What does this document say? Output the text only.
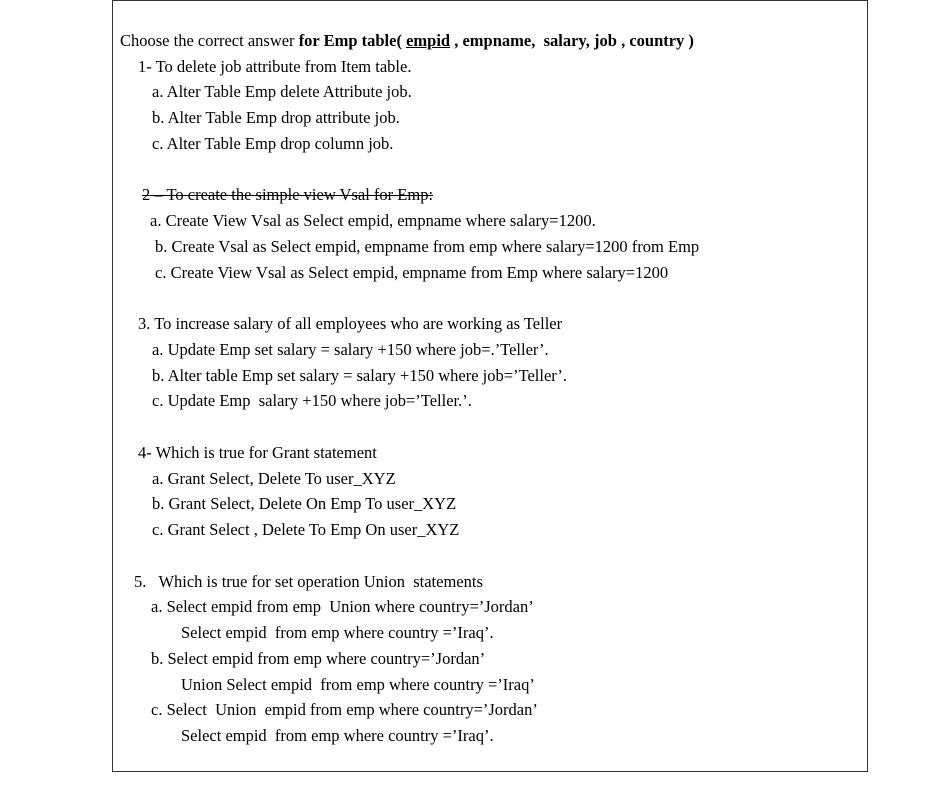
Choose the correct answer for Emp table( empid , empname,  salary, job , country )
1- To delete job attribute from Item table.
a. Alter Table Emp delete Attribute job.
b. Alter Table Emp drop attribute job.
c. Alter Table Emp drop column job.
2 – To create the simple view Vsal for Emp:
a. Create View Vsal as Select empid, empname where salary=1200.
b. Create Vsal as Select empid, empname from emp where salary=1200 from Emp
c. Create View Vsal as Select empid, empname from Emp where salary=1200
3. To increase salary of all employees who are working as Teller
a. Update Emp set salary = salary +150 where job=.’Teller’.
b. Alter table Emp set salary = salary +150 where job=’Teller’.
c. Update Emp  salary +150 where job=’Teller.’.
4- Which is true for Grant statement
a. Grant Select, Delete To user_XYZ
b. Grant Select, Delete On Emp To user_XYZ
c. Grant Select , Delete To Emp On user_XYZ
5.   Which is true for set operation Union  statements
a. Select empid from emp  Union where country=’Jordan’
Select empid  from emp where country =’Iraq’.
b. Select empid from emp where country=’Jordan’
Union Select empid  from emp where country =’Iraq’
c. Select  Union  empid from emp where country=’Jordan’
Select empid  from emp where country =’Iraq’.
